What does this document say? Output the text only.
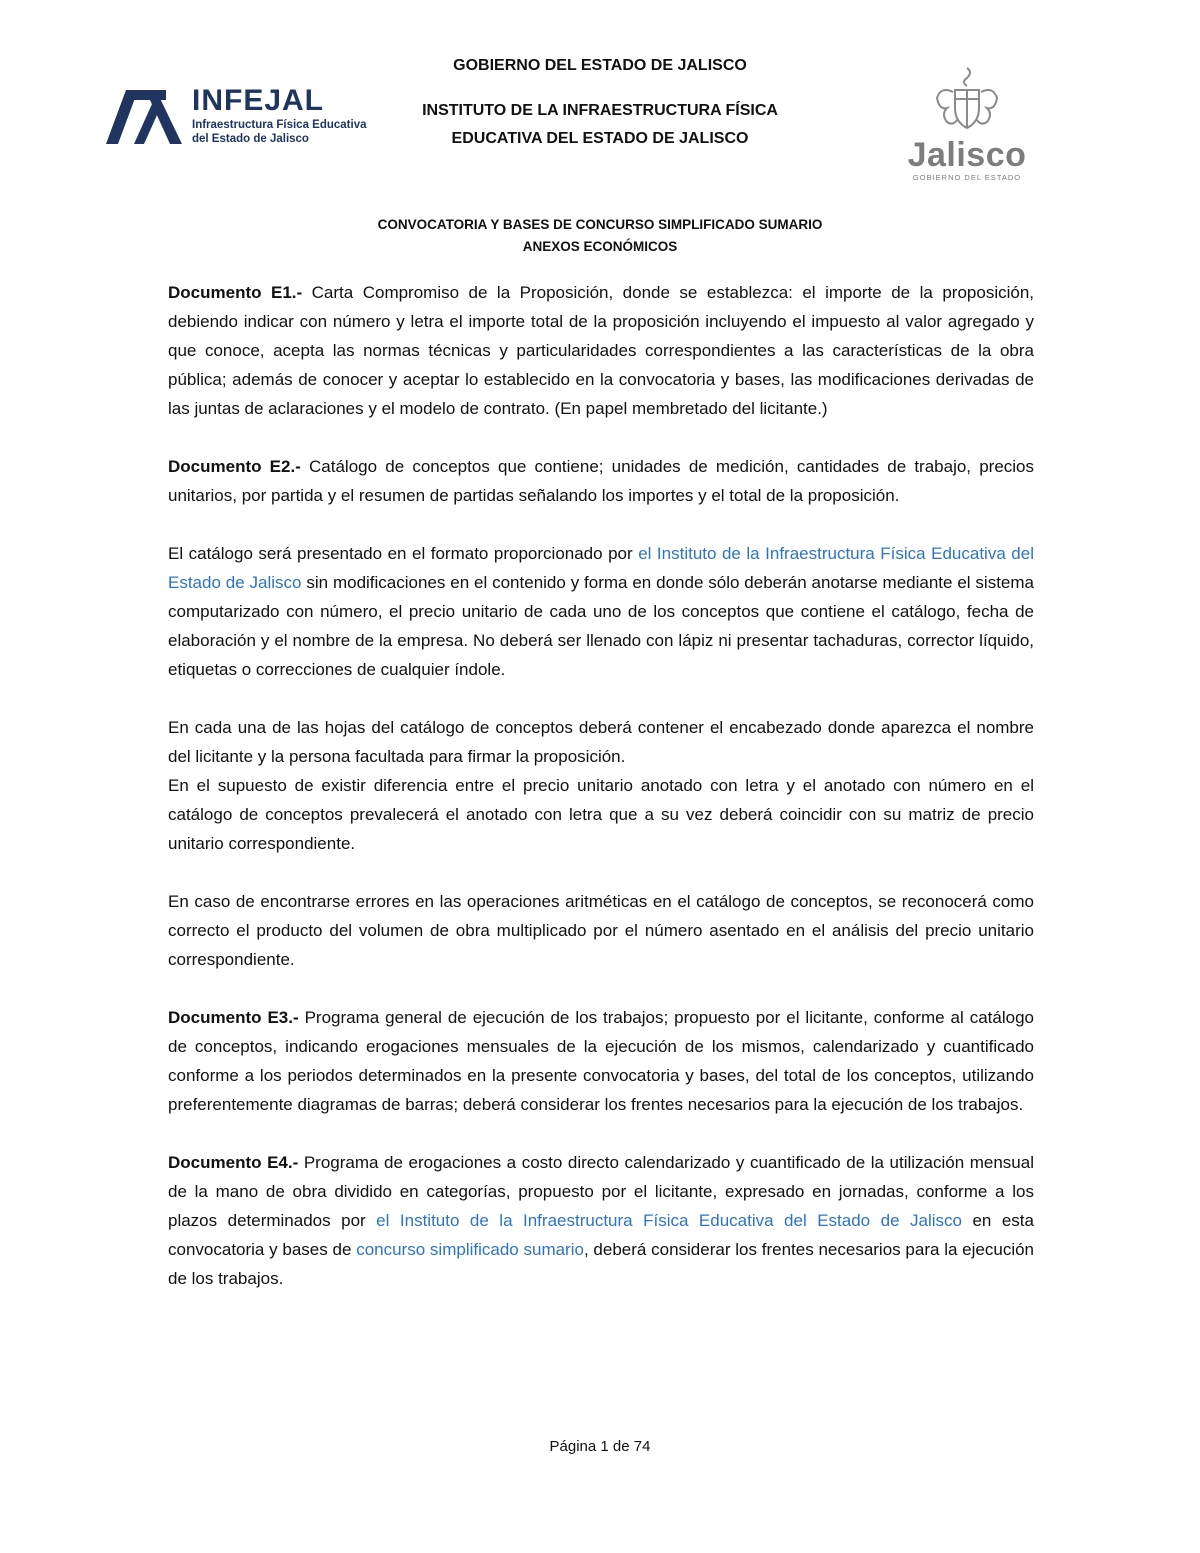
INFEJAL
Infraestructura Física Educativa
del Estado de Jalisco
GOBIERNO DEL ESTADO DE JALISCO
INSTITUTO DE LA INFRAESTRUCTURA FÍSICA
EDUCATIVA DEL ESTADO DE JALISCO	Jalisco
GOBIERNO DEL ESTADO
CONVOCATORIA Y BASES DE CONCURSO SIMPLIFICADO SUMARIO
ANEXOS ECONÓMICOS

Documento E1.- Carta Compromiso de la Proposición, donde se establezca: el importe de la proposición, debiendo indicar con número y letra el importe total de la proposición incluyendo el impuesto al valor agregado y que conoce, acepta las normas técnicas y particularidades correspondientes a las características de la obra pública; además de conocer y aceptar lo establecido en la convocatoria y bases, las modificaciones derivadas de las juntas de aclaraciones y el modelo de contrato. (En papel membretado del licitante.)

Documento E2.- Catálogo de conceptos que contiene; unidades de medición, cantidades de trabajo, precios unitarios, por partida y el resumen de partidas señalando los importes y el total de la proposición.

El catálogo será presentado en el formato proporcionado por el Instituto de la Infraestructura Física Educativa del Estado de Jalisco sin modificaciones en el contenido y forma en donde sólo deberán anotarse mediante el sistema computarizado con número, el precio unitario de cada uno de los conceptos que contiene el catálogo, fecha de elaboración y el nombre de la empresa. No deberá ser llenado con lápiz ni presentar tachaduras, corrector líquido, etiquetas o correcciones de cualquier índole.

En cada una de las hojas del catálogo de conceptos deberá contener el encabezado donde aparezca el nombre del licitante y la persona facultada para firmar la proposición.

En el supuesto de existir diferencia entre el precio unitario anotado con letra y el anotado con número en el catálogo de conceptos prevalecerá el anotado con letra que a su vez deberá coincidir con su matriz de precio unitario correspondiente.

En caso de encontrarse errores en las operaciones aritméticas en el catálogo de conceptos, se reconocerá como correcto el producto del volumen de obra multiplicado por el número asentado en el análisis del precio unitario correspondiente.

Documento E3.- Programa general de ejecución de los trabajos; propuesto por el licitante, conforme al catálogo de conceptos, indicando erogaciones mensuales de la ejecución de los mismos, calendarizado y cuantificado conforme a los periodos determinados en la presente convocatoria y bases, del total de los conceptos, utilizando preferentemente diagramas de barras; deberá considerar los frentes necesarios para la ejecución de los trabajos.

Documento E4.- Programa de erogaciones a costo directo calendarizado y cuantificado de la utilización mensual de la mano de obra dividido en categorías, propuesto por el licitante, expresado en jornadas, conforme a los plazos determinados por el Instituto de la Infraestructura Física Educativa del Estado de Jalisco en esta convocatoria y bases de concurso simplificado sumario, deberá considerar los frentes necesarios para la ejecución de los trabajos.

Página 1 de 74
